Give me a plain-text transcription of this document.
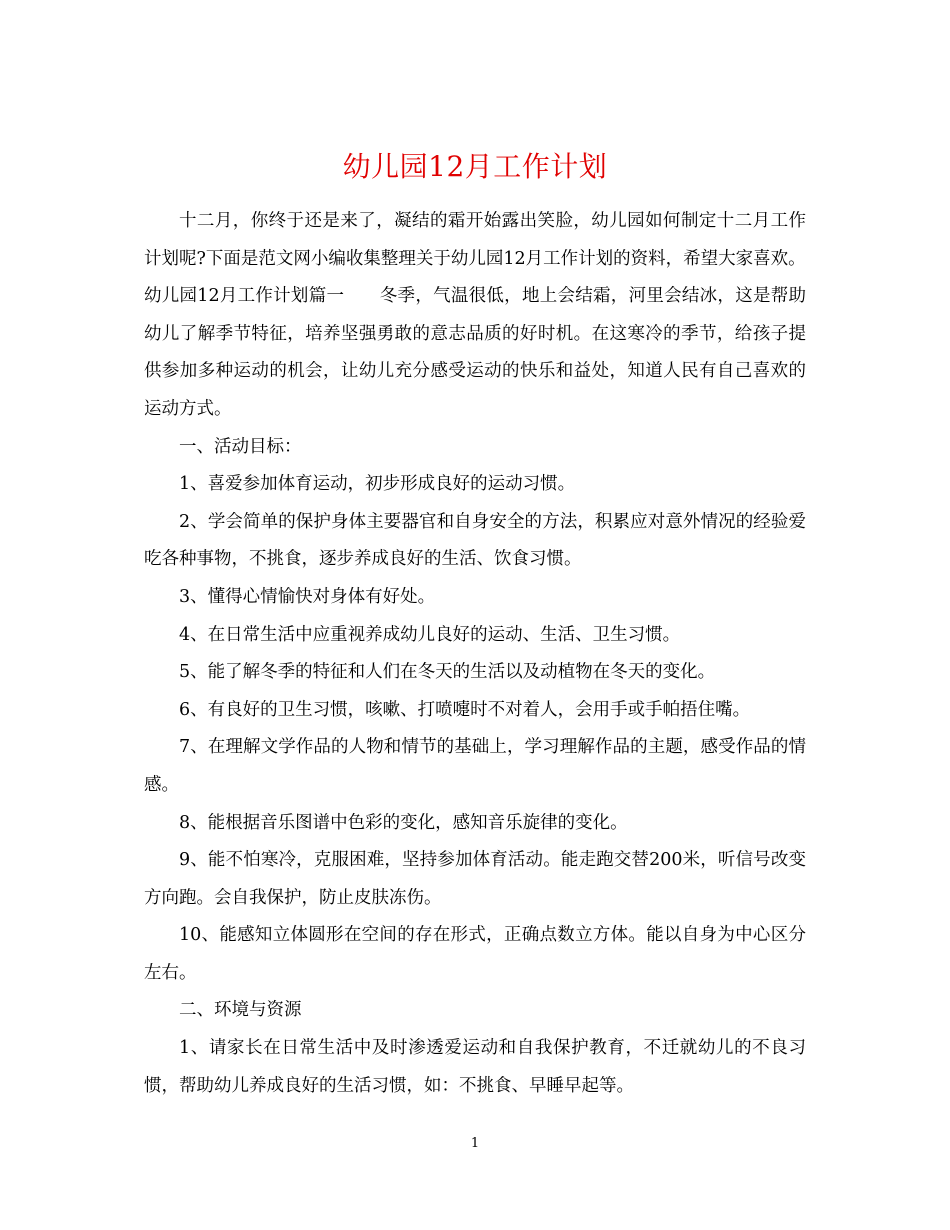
幼儿园12月工作计划

十二月，你终于还是来了，凝结的霜开始露出笑脸，幼儿园如何制定十二月工作计划呢?下面是范文网小编收集整理关于幼儿园12月工作计划的资料，希望大家喜欢。

幼儿园12月工作计划篇一　　冬季，气温很低，地上会结霜，河里会结冰，这是帮助幼儿了解季节特征，培养坚强勇敢的意志品质的好时机。在这寒冷的季节，给孩子提供参加多种运动的机会，让幼儿充分感受运动的快乐和益处，知道人民有自己喜欢的运动方式。

一、活动目标：

1、喜爱参加体育运动，初步形成良好的运动习惯。

2、学会简单的保护身体主要器官和自身安全的方法，积累应对意外情况的经验爱吃各种事物，不挑食，逐步养成良好的生活、饮食习惯。

3、懂得心情愉快对身体有好处。

4、在日常生活中应重视养成幼儿良好的运动、生活、卫生习惯。

5、能了解冬季的特征和人们在冬天的生活以及动植物在冬天的变化。

6、有良好的卫生习惯，咳嗽、打喷嚏时不对着人，会用手或手帕捂住嘴。

7、在理解文学作品的人物和情节的基础上，学习理解作品的主题，感受作品的情感。

8、能根据音乐图谱中色彩的变化，感知音乐旋律的变化。

9、能不怕寒冷，克服困难，坚持参加体育活动。能走跑交替200米，听信号改变方向跑。会自我保护，防止皮肤冻伤。

10、能感知立体圆形在空间的存在形式，正确点数立方体。能以自身为中心区分左右。

二、环境与资源

1、请家长在日常生活中及时渗透爱运动和自我保护教育，不迁就幼儿的不良习惯，帮助幼儿养成良好的生活习惯，如：不挑食、早睡早起等。

1
